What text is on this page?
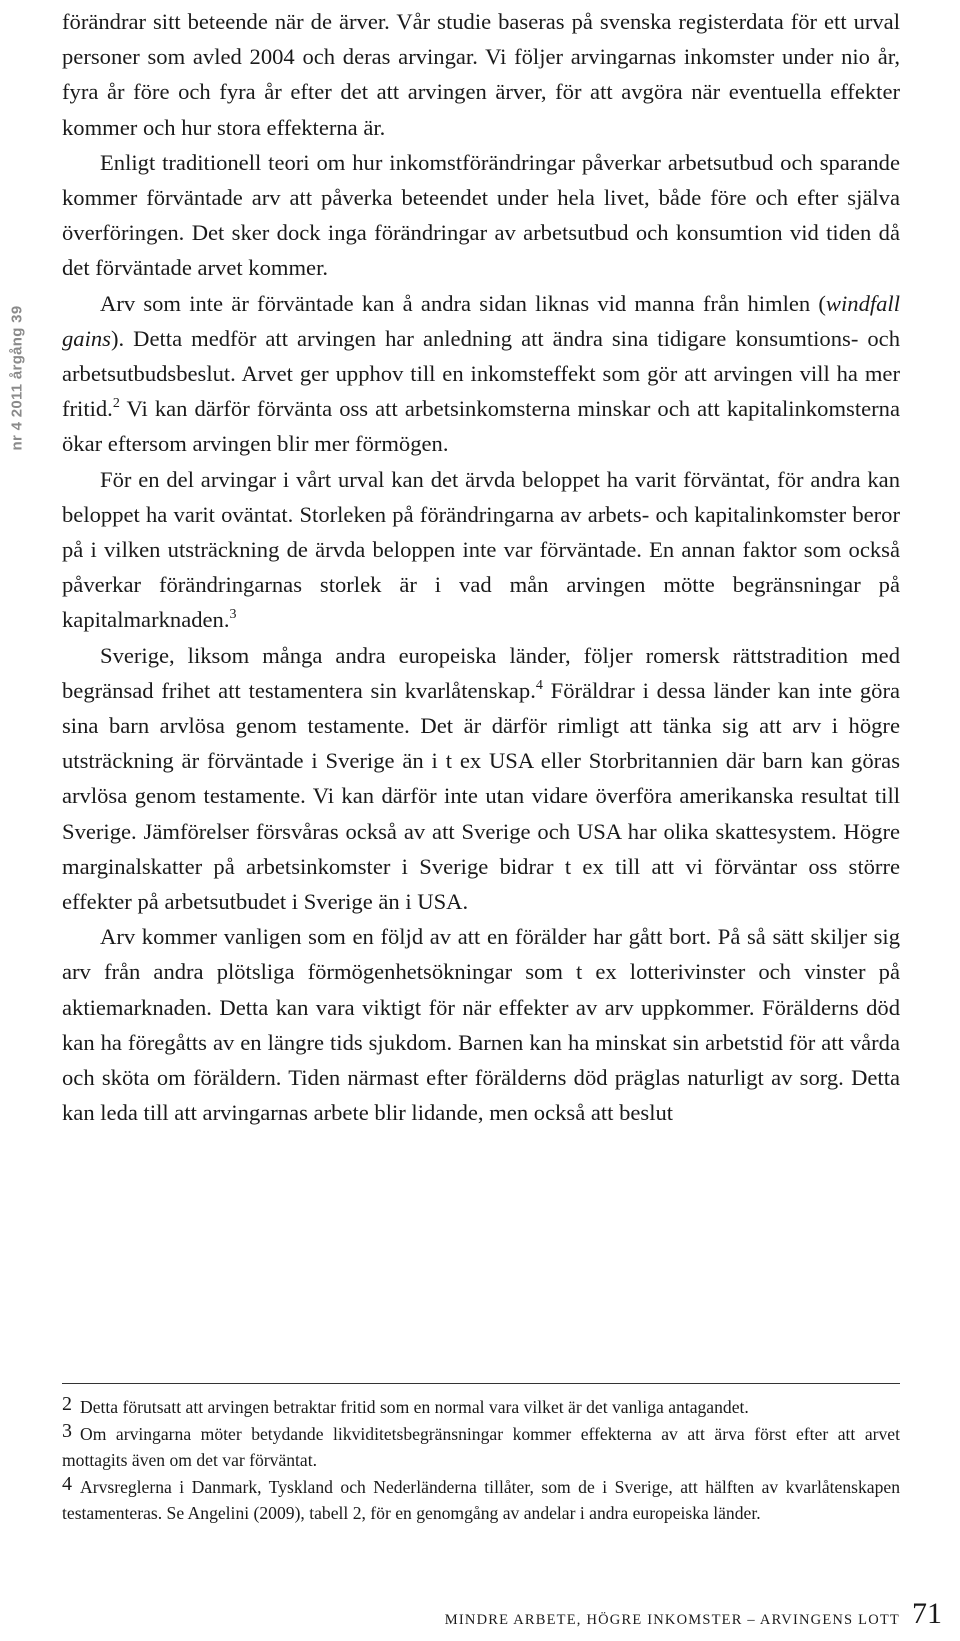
nr 4 2011 årgång 39

förändrar sitt beteende när de ärver. Vår studie baseras på svenska registerdata för ett urval personer som avled 2004 och deras arvingar. Vi följer arvingarnas inkomster under nio år, fyra år före och fyra år efter det att arvingen ärver, för att avgöra när eventuella effekter kommer och hur stora effekterna är.

Enligt traditionell teori om hur inkomstförändringar påverkar arbetsutbud och sparande kommer förväntade arv att påverka beteendet under hela livet, både före och efter själva överföringen. Det sker dock inga förändringar av arbetsutbud och konsumtion vid tiden då det förväntade arvet kommer.

Arv som inte är förväntade kan å andra sidan liknas vid manna från himlen (windfall gains). Detta medför att arvingen har anledning att ändra sina tidigare konsumtions- och arbetsutbudsbeslut. Arvet ger upphov till en inkomsteffekt som gör att arvingen vill ha mer fritid.$^2$ Vi kan därför förvänta oss att arbetsinkomsterna minskar och att kapitalinkomsterna ökar eftersom arvingen blir mer förmögen.

För en del arvingar i vårt urval kan det ärvda beloppet ha varit förväntat, för andra kan beloppet ha varit oväntat. Storleken på förändringarna av arbets- och kapitalinkomster beror på i vilken utsträckning de ärvda beloppen inte var förväntade. En annan faktor som också påverkar förändringarnas storlek är i vad mån arvingen mötte begränsningar på kapitalmarknaden.$^3$

Sverige, liksom många andra europeiska länder, följer romersk rättstradition med begränsad frihet att testamentera sin kvarlåtenskap.$^4$ Föräldrar i dessa länder kan inte göra sina barn arvlösa genom testamente. Det är därför rimligt att tänka sig att arv i högre utsträckning är förväntade i Sverige än i t ex USA eller Storbritannien där barn kan göras arvlösa genom testamente. Vi kan därför inte utan vidare överföra amerikanska resultat till Sverige. Jämförelser försvåras också av att Sverige och USA har olika skattesystem. Högre marginalskatter på arbetsinkomster i Sverige bidrar t ex till att vi förväntar oss större effekter på arbetsutbudet i Sverige än i USA.

Arv kommer vanligen som en följd av att en förälder har gått bort. På så sätt skiljer sig arv från andra plötsliga förmögenhetsökningar som t ex lotterivinster och vinster på aktiemarknaden. Detta kan vara viktigt för när effekter av arv uppkommer. Förälderns död kan ha föregåtts av en längre tids sjukdom. Barnen kan ha minskat sin arbetstid för att vårda och sköta om föräldern. Tiden närmast efter förälderns död präglas naturligt av sorg. Detta kan leda till att arvingarnas arbete blir lidande, men också att beslut

2 Detta förutsatt att arvingen betraktar fritid som en normal vara vilket är det vanliga antagandet.

3 Om arvingarna möter betydande likviditetsbegränsningar kommer effekterna av att ärva först efter att arvet mottagits även om det var förväntat.

4 Arvsreglerna i Danmark, Tyskland och Nederländerna tillåter, som de i Sverige, att hälften av kvarlåtenskapen testamenteras. Se Angelini (2009), tabell 2, för en genomgång av andelar i andra europeiska länder.

MINDRE ARBETE, HÖGRE INKOMSTER – ARVINGENS LOTT 71
